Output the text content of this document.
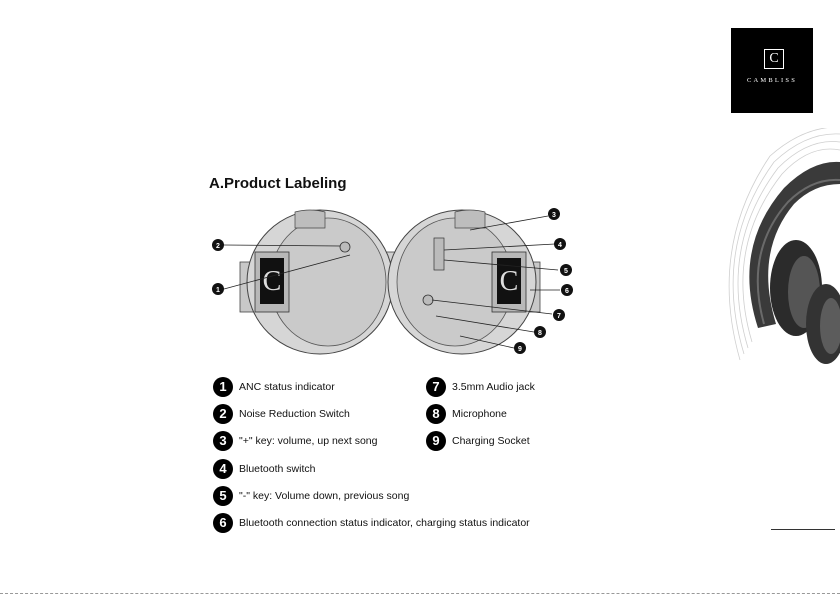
C
CAMBLISS
A.Product Labeling
C	C
1
2
3
4
5
6
7
8
9
1	ANC status indicator
2	Noise Reduction Switch
3	"+" key: volume, up next song
4	Bluetooth switch
5	"-" key: Volume down, previous song
6	Bluetooth connection status indicator, charging status indicator
7	3.5mm Audio jack
8	Microphone
9	Charging Socket
